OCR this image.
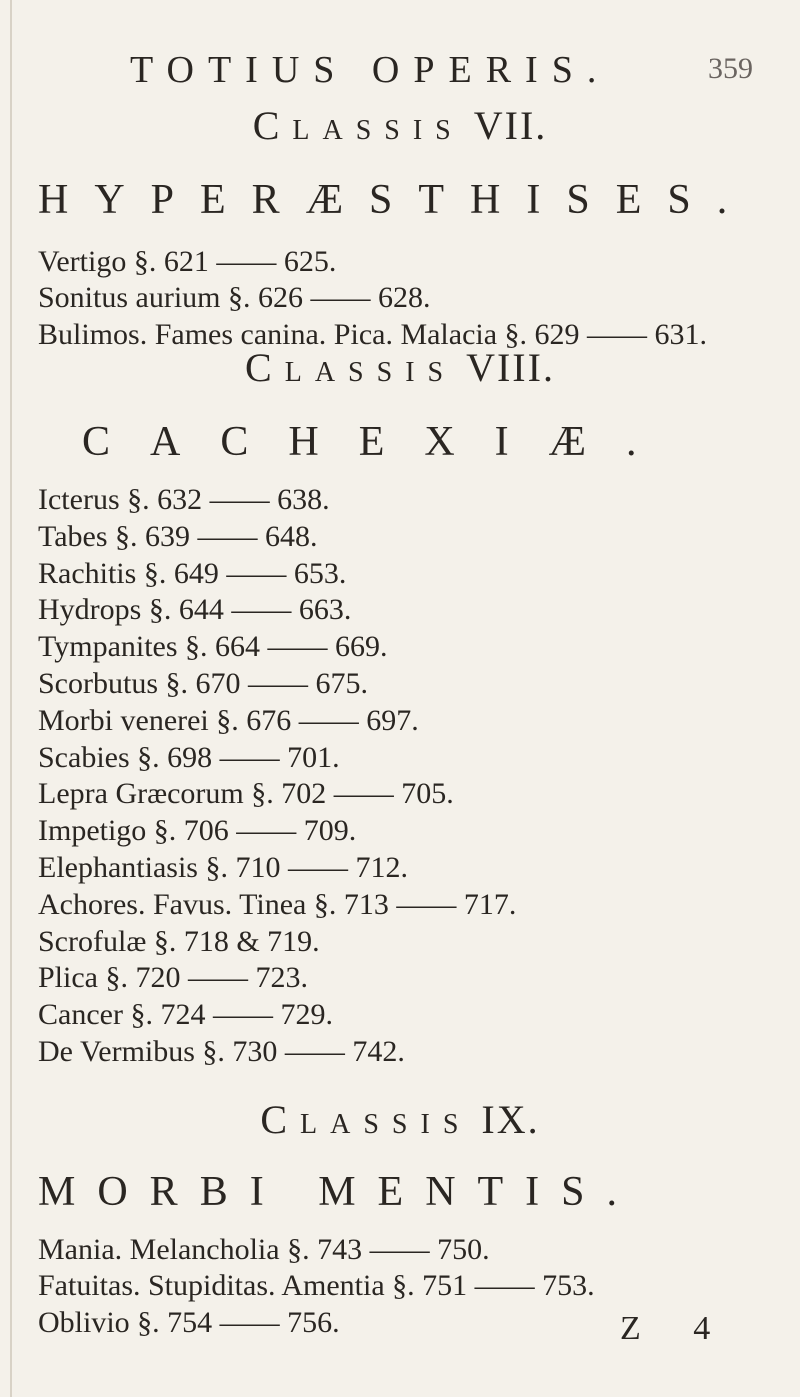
TOTIUS OPERIS.	359
Classis VII.
HYPERÆSTHISES.
Vertigo §. 621 —— 625.
Sonitus aurium §. 626 —— 628.
Bulimos. Fames canina. Pica. Malacia §. 629 —— 631.
Classis VIII.
CACHEXIÆ.
Icterus §. 632 —— 638.
Tabes §. 639 —— 648.
Rachitis §. 649 —— 653.
Hydrops §. 644 —— 663.
Tympanites §. 664 —— 669.
Scorbutus §. 670 —— 675.
Morbi venerei §. 676 —— 697.
Scabies §. 698 —— 701.
Lepra Græcorum §. 702 —— 705.
Impetigo §. 706 —— 709.
Elephantiasis §. 710 —— 712.
Achores. Favus. Tinea §. 713 —— 717.
Scrofulæ §. 718 & 719.
Plica §. 720 —— 723.
Cancer §. 724 —— 729.
De Vermibus §. 730 —— 742.
Classis IX.
MORBI MENTIS.
Mania. Melancholia §. 743 —— 750.
Fatuitas. Stupiditas. Amentia §. 751 —— 753.
Oblivio §. 754 —— 756.	Z 4
